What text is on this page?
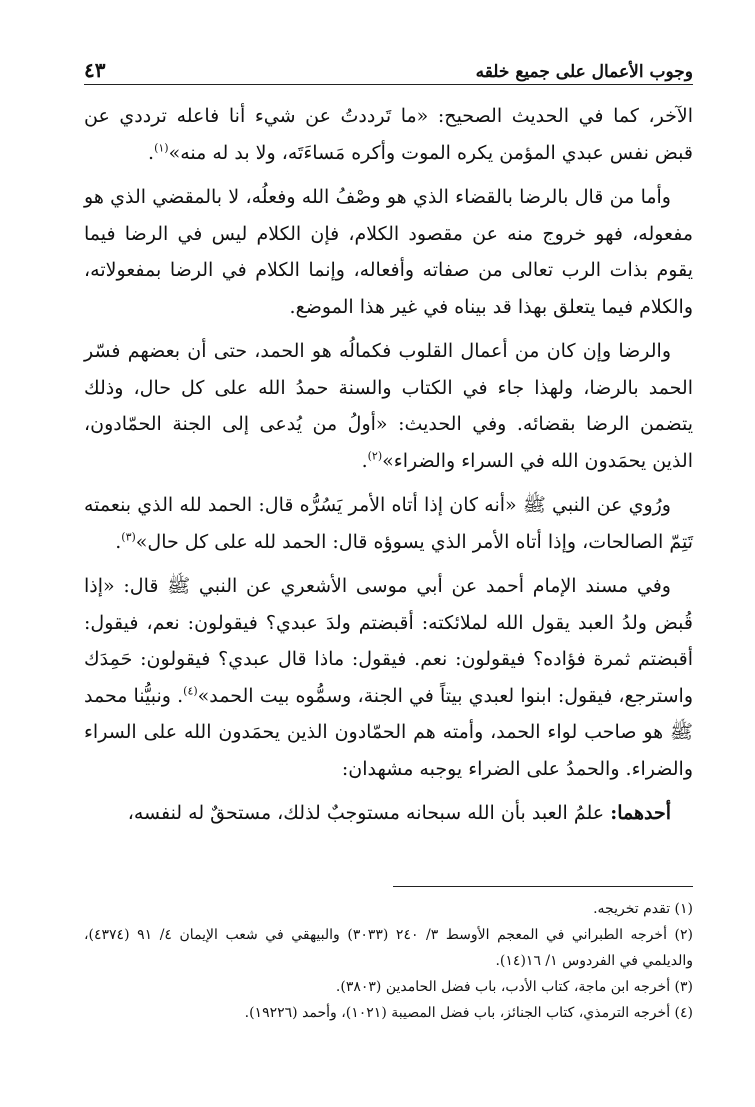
٤٣	وجوب الأعمال على جميع خلقه

الآخر، كما في الحديث الصحيح: «ما تَرددتُ عن شيء أنا فاعله ترددي عن قبض نفس عبدي المؤمن يكره الموت وأكره مَساءَتَه، ولا بد له منه»$^{(١)}$.

وأما من قال بالرضا بالقضاء الذي هو وصْفُ الله وفعلُه، لا بالمقضي الذي هو مفعوله، فهو خروج منه عن مقصود الكلام، فإن الكلام ليس في الرضا فيما يقوم بذات الرب تعالى من صفاته وأفعاله، وإنما الكلام في الرضا بمفعولاته، والكلام فيما يتعلق بهذا قد بيناه في غير هذا الموضع.

والرضا وإن كان من أعمال القلوب فكمالُه هو الحمد، حتى أن بعضهم فسّر الحمد بالرضا، ولهذا جاء في الكتاب والسنة حمدُ الله على كل حال، وذلك يتضمن الرضا بقضائه. وفي الحديث: «أولُ من يُدعى إلى الجنة الحمّادون، الذين يحمَدون الله في السراء والضراء»$^{(٢)}$.

ورُوي عن النبي ﷺ «أنه كان إذا أتاه الأمر يَسُرُّه قال: الحمد لله الذي بنعمته تَتِمّ الصالحات، وإذا أتاه الأمر الذي يسوؤه قال: الحمد لله على كل حال»$^{(٣)}$.

وفي مسند الإمام أحمد عن أبي موسى الأشعري عن النبي ﷺ قال: «إذا قُبض ولدُ العبد يقول الله لملائكته: أقبضتم ولدَ عبدي؟ فيقولون: نعم، فيقول: أقبضتم ثمرة فؤاده؟ فيقولون: نعم. فيقول: ماذا قال عبدي؟ فيقولون: حَمِدَك واسترجع، فيقول: ابنوا لعبدي بيتاً في الجنة، وسمُّوه بيت الحمد»$^{(٤)}$. ونبيُّنا محمد ﷺ هو صاحب لواء الحمد، وأمته هم الحمّادون الذين يحمَدون الله على السراء والضراء. والحمدُ على الضراء يوجبه مشهدان:

أحدهما: علمُ العبد بأن الله سبحانه مستوجبٌ لذلك، مستحقٌ له لنفسه،

(١) تقدم تخريجه.
(٢) أخرجه الطبراني في المعجم الأوسط ٣/ ٢٤٠ (٣٠٣٣) والبيهقي في شعب الإيمان ٤/ ٩١ (٤٣٧٤)، والديلمي في الفردوس ١/ ١٦(١٤).
(٣) أخرجه ابن ماجة، كتاب الأدب، باب فضل الحامدين (٣٨٠٣).
(٤) أخرجه الترمذي، كتاب الجنائز، باب فضل المصيبة (١٠٢١)، وأحمد (١٩٢٢٦).
